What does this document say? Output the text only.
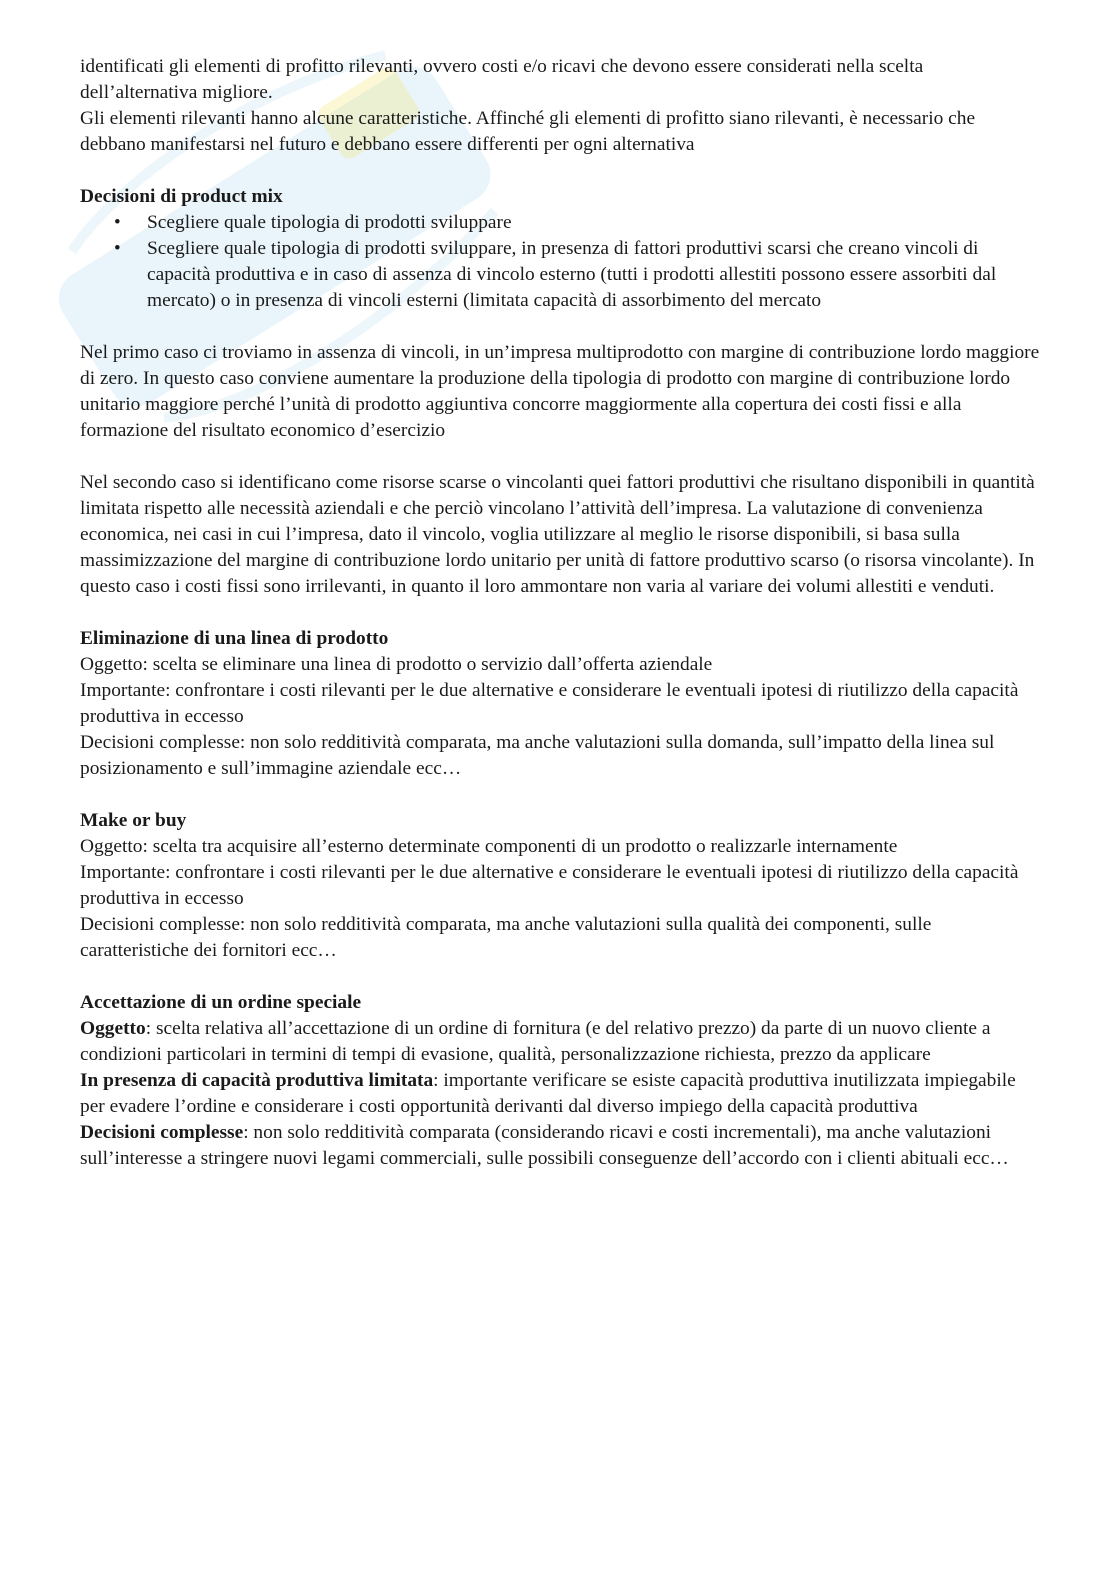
identificati gli elementi di profitto rilevanti, ovvero costi e/o ricavi che devono essere considerati nella scelta dell’alternativa migliore.

Gli elementi rilevanti hanno alcune caratteristiche. Affinché gli elementi di profitto siano rilevanti, è necessario che debbano manifestarsi nel futuro e debbano essere differenti per ogni alternativa

Decisioni di product mix

• Scegliere quale tipologia di prodotti sviluppare
• Scegliere quale tipologia di prodotti sviluppare, in presenza di fattori produttivi scarsi che creano vincoli di capacità produttiva e in caso di assenza di vincolo esterno (tutti i prodotti allestiti possono essere assorbiti dal mercato) o in presenza di vincoli esterni (limitata capacità di assorbimento del mercato

Nel primo caso ci troviamo in assenza di vincoli, in un’impresa multiprodotto con margine di contribuzione lordo maggiore di zero. In questo caso conviene aumentare la produzione della tipologia di prodotto con margine di contribuzione lordo unitario maggiore perché l’unità di prodotto aggiuntiva concorre maggiormente alla copertura dei costi fissi e alla formazione del risultato economico d’esercizio

Nel secondo caso si identificano come risorse scarse o vincolanti quei fattori produttivi che risultano disponibili in quantità limitata rispetto alle necessità aziendali e che perciò vincolano l’attività dell’impresa. La valutazione di convenienza economica, nei casi in cui l’impresa, dato il vincolo, voglia utilizzare al meglio le risorse disponibili, si basa sulla massimizzazione del margine di contribuzione lordo unitario per unità di fattore produttivo scarso (o risorsa vincolante). In questo caso i costi fissi sono irrilevanti, in quanto il loro ammontare non varia al variare dei volumi allestiti e venduti.

Eliminazione di una linea di prodotto

Oggetto: scelta se eliminare una linea di prodotto o servizio dall’offerta aziendale

Importante: confrontare i costi rilevanti per le due alternative e considerare le eventuali ipotesi di riutilizzo della capacità produttiva in eccesso

Decisioni complesse: non solo redditività comparata, ma anche valutazioni sulla domanda, sull’impatto della linea sul posizionamento e sull’immagine aziendale ecc…

Make or buy

Oggetto: scelta tra acquisire all’esterno determinate componenti di un prodotto o realizzarle internamente

Importante: confrontare i costi rilevanti per le due alternative e considerare le eventuali ipotesi di riutilizzo della capacità produttiva in eccesso

Decisioni complesse: non solo redditività comparata, ma anche valutazioni sulla qualità dei componenti, sulle caratteristiche dei fornitori ecc…

Accettazione di un ordine speciale

Oggetto: scelta relativa all’accettazione di un ordine di fornitura (e del relativo prezzo) da parte di un nuovo cliente a condizioni particolari in termini di tempi di evasione, qualità, personalizzazione richiesta, prezzo da applicare

In presenza di capacità produttiva limitata: importante verificare se esiste capacità produttiva inutilizzata impiegabile per evadere l’ordine e considerare i costi opportunità derivanti dal diverso impiego della capacità produttiva

Decisioni complesse: non solo redditività comparata (considerando ricavi e costi incrementali), ma anche valutazioni sull’interesse a stringere nuovi legami commerciali, sulle possibili conseguenze dell’accordo con i clienti abituali ecc…
